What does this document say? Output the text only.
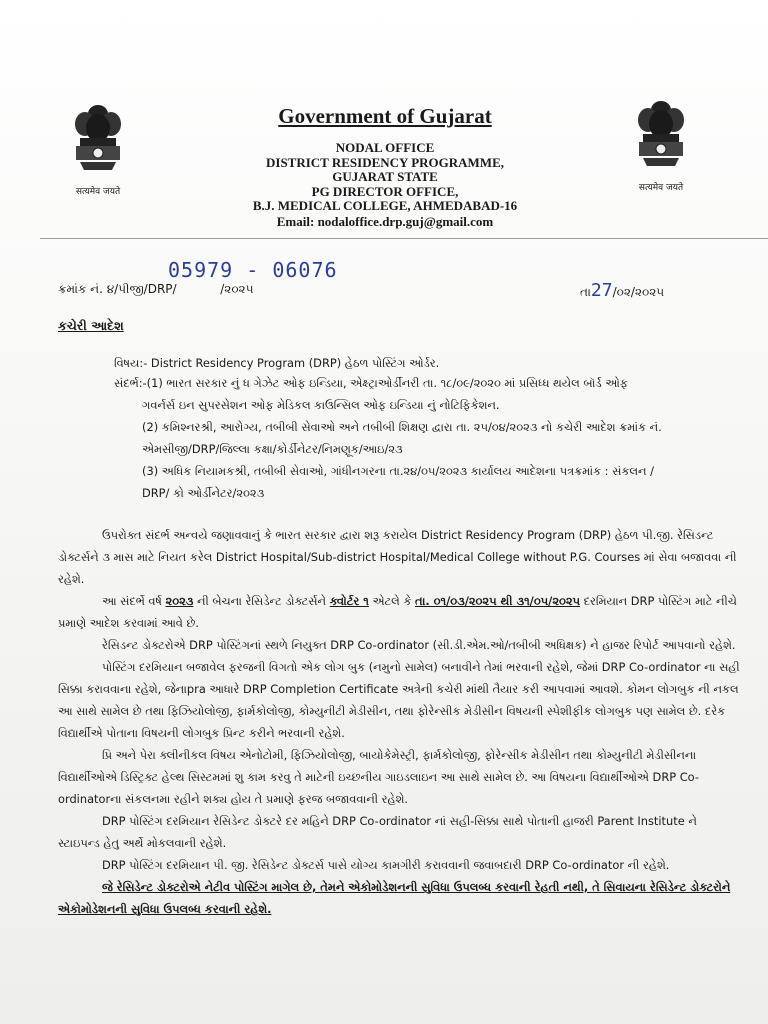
सत्यमेव जयते	सत्यमेव जयते
Government of Gujarat
NODAL OFFICE
DISTRICT RESIDENCY PROGRAMME,
GUJARAT STATE
PG DIRECTOR OFFICE,
B.J. MEDICAL COLLEGE, AHMEDABAD-16
Email: nodaloffice.drp.guj@gmail.com
05979 - 06076
ક્રમાંક નં. ૪/પીજી/DRP/	/૨૦૨૫	તા27/૦૨/૨૦૨૫
કચેરી આદેશ
વિષય:- District Residency Program (DRP) હેઠળ પોસ્ટિંગ ઓર્ડર.
સંદર્ભ:-(1) ભારત સરકાર નું ધ ગેઝેટ ઓફ ઇન્ડિયા, એક્ષ્ટ્રાઓર્ડીનરી તા. ૧૮/૦૯/૨૦૨૦ માં પ્રસિધ્ધ થયેલ બૉર્ડ ઓફ
ગવર્નર્સ ઇન સુપરસેશન ઓફ મેડિકલ કાઉન્સિલ ઓફ ઇન્ડિયા નું નોટિફિકેશન.
(2) કમિશ્નરશ્રી, આરોગ્ય, તબીબી સેવાઓ અને તબીબી શિક્ષણ દ્વારા તા. ૨૫/૦૪/૨૦૨૩ નો કચેરી આદેશ ક્રમાંક નં.
એમસીજી/DRP/જિલ્લા કક્ષા/કોર્ડીનેટર/નિમણૂક/આઇ/૨૩
(3) અધિક નિયામકશ્રી, તબીબી સેવાઓ, ગાંધીનગરના તા.૨૪/૦૫/૨૦૨૩ કાર્યાલય આદેશના પત્રક્રમાંક : સંકલન /
DRP/ કો ઓર્ડીનેટર/૨૦૨૩

ઉપરોક્ત સંદર્ભ અન્વયે જણાવવાનું કે ભારત સરકાર દ્વારા શરૂ કરાયેલ District Residency Program (DRP) હેઠળ પી.જી. રેસિડન્ટ ડોક્ટર્સને ૩ માસ માટે નિયત કરેલ District Hospital/Sub-district Hospital/Medical College without P.G. Courses માં સેવા બજાવવા ની રહેશે.

આ સંદર્ભે વર્ષ ૨૦૨૩ ની બેચના રેસિડેન્ટ ડોક્ટર્સને ક્વોર્ટર ૧ એટલે કે તા. ૦૧/૦૩/૨૦૨૫ થી ૩૧/૦૫/૨૦૨૫ દરમિયાન DRP પોસ્ટિંગ માટે નીચે પ્રમાણે આદેશ કરવામાં આવે છે.

રેસિડન્ટ ડોક્ટરોએ DRP પોસ્ટિંગનાં સ્થળે નિયુક્ત DRP Co-ordinator (સી.ડી.એમ.ઓ/તબીબી અધિક્ષક) ને હાજર રિપોર્ટ આપવાનો રહેશે.

પોસ્ટિંગ દરમિયાન બજાવેલ ફરજની વિગતો એક લોગ બુક (નમુનો સામેલ) બનાવીને તેમાં ભરવાની રહેશે, જેમાં DRP Co-ordinator ના સહી સિક્કા કરાવવાના રહેશે, જેનાpra આધારે DRP Completion Certificate અત્રેની કચેરી માંથી તૈયાર કરી આપવામાં આવશે. કોમન લોગબુક ની નકલ આ સાથે સામેલ છે તથા ફિઝિયોલોજી, ફાર્મકોલોજી, કોમ્યુનીટી મેડીસીન, તથા ફોરેન્સીક મેડીસીન વિષયની સ્પેશીફીક લોગબુક પણ સામેલ છે. દરેક વિદ્યાર્થીએ પોતાના વિષયની લોગબુક પ્રિન્ટ કરીને ભરવાની રહેશે.

પ્રિ અને પેરા ક્લીનીકલ વિષય એનોટોમી, ફિઝિયોલોજી, બાયોકેમેસ્ટ્રી, ફાર્મકોલોજી, ફોરેન્સીક મેડીસીન તથા કોમ્યુનીટી મેડીસીનના વિદ્યાર્થીઓએ ડિસ્ટ્રિક્ટ હેલ્થ સિસ્ટમમાં શુ કામ કરવુ તે માટેની ઇચ્છનીય ગાઇડલાઇન આ સાથે સામેલ છે. આ વિષયના વિદ્યાર્થીઓએ DRP Co-ordinatorના સંકલનમા રહીને શક્ય હોય તે પ્રમાણે ફરજ બજાવવાની રહેશે.

DRP પોસ્ટિંગ દરમિયાન રેસિડેન્ટ ડોક્ટરે દર મહિને DRP Co-ordinator નાં સહી-સિક્કા સાથે પોતાની હાજરી Parent Institute ને સ્ટાઇપન્ડ હેતુ અર્થે મોકલવાની રહેશે.

DRP પોસ્ટિંગ દરમિયાન પી. જી. રેસિડેન્ટ ડોક્ટર્સ પાસે યોગ્ય કામગીરી કરાવવાની જવાબદારી DRP Co-ordinator ની રહેશે.

જે રેસિડેન્ટ ડોક્ટરોએ નેટીવ પોસ્ટિંગ માગેલ છે, તેમને એકોમોડેશનની સુવિધા ઉપલબ્ધ કરવાની રેહતી નથી, તે સિવાયના રેસિડેન્ટ ડોક્ટરોને એકોમોડેશનની સુવિધા ઉપલબ્ધ કરવાની રહેશે.
